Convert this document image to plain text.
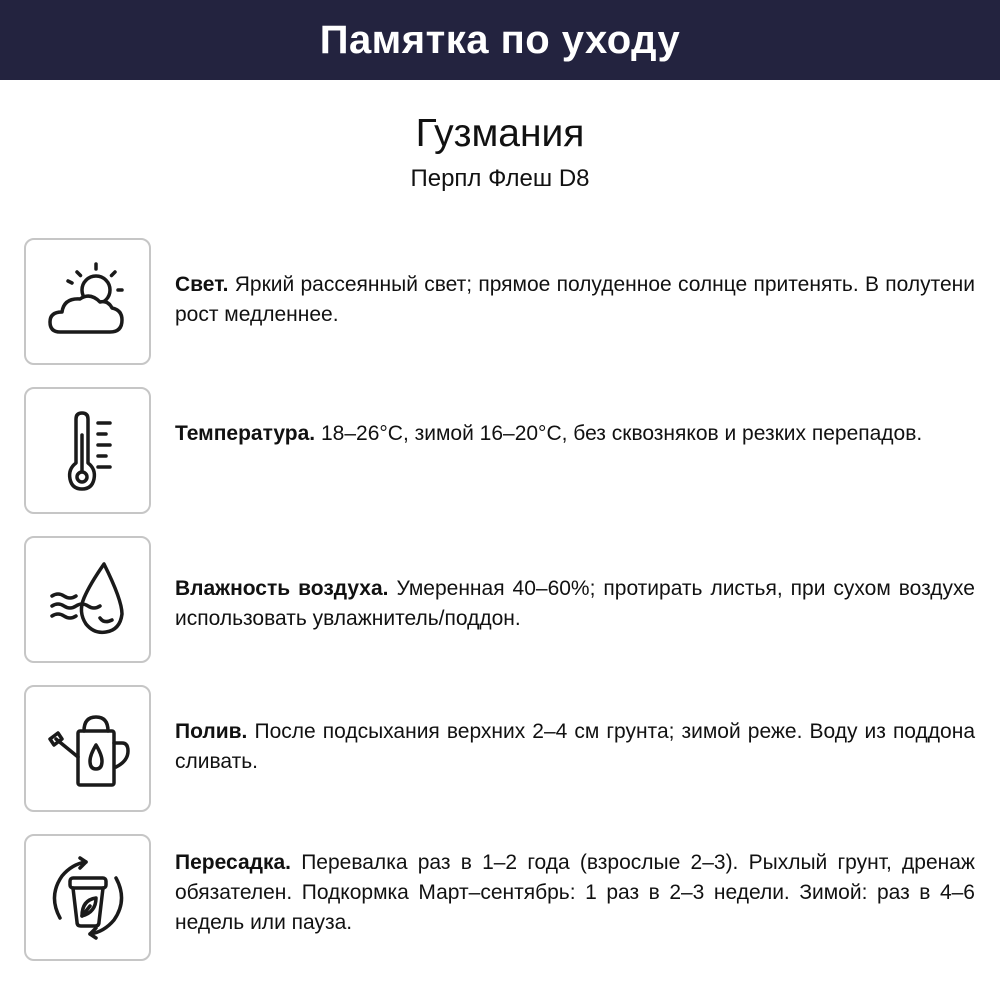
Памятка по уходу
Гузмания
Перпл Флеш D8
Свет. Яркий рассеянный свет; прямое полуденное солнце притенять. В полутени рост медленнее.
Температура. 18–26°C, зимой 16–20°C, без сквозняков и резких перепадов.
Влажность воздуха. Умеренная 40–60%; протирать листья, при сухом воздухе использовать увлажнитель/поддон.
Полив. После подсыхания верхних 2–4 см грунта; зимой реже. Воду из поддона сливать.
Пересадка. Перевалка раз в 1–2 года (взрослые 2–3). Рыхлый грунт, дренаж обязателен. Подкормка Март–сентябрь: 1 раз в 2–3 недели. Зимой: раз в 4–6 недель или пауза.
